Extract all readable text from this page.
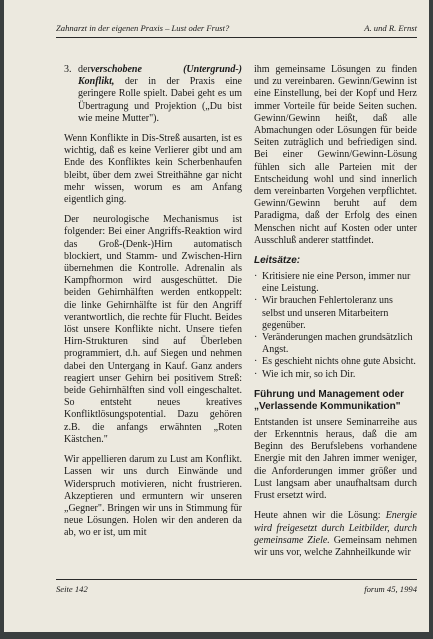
Zahnarzt in der eigenen Praxis – Lust oder Frust?	A. und R. Ernst
3. derverschobene (Untergrund-) Konflikt, der in der Praxis eine geringere Rolle spielt. Dabei geht es um Übertragung und Projektion („Du bist wie meine Mutter").

Wenn Konflikte in Dis-Streß ausarten, ist es wichtig, daß es keine Verlierer gibt und am Ende des Konfliktes kein Scherbenhaufen bleibt, über dem zwei Streithähne gar nicht mehr wissen, worum es am Anfang eigentlich ging.

Der neurologische Mechanismus ist folgender: Bei einer Angriffs-Reaktion wird das Groß-(Denk-)Hirn automatisch blockiert, und Stamm- und Zwischen-Hirn übernehmen die Kontrolle. Adrenalin als Kampfhormon wird ausgeschüttet. Die beiden Gehirnhälften werden entkoppelt: die linke Gehirnhälfte ist für den Angriff verantwortlich, die rechte für Flucht. Beides löst unsere Konflikte nicht. Unsere tiefen Hirn-Strukturen sind auf Überleben programmiert, d.h. auf Siegen und nehmen dabei den Untergang in Kauf. Ganz anders reagiert unser Gehirn bei positivem Streß: beide Gehirnhälften sind voll eingeschaltet. So entsteht neues kreatives Konfliktlösungspotential. Dazu gehören z.B. die anfangs erwähnten „Roten Kästchen."

Wir appellieren darum zu Lust am Konflikt. Lassen wir uns durch Einwände und Widerspruch motivieren, nicht frustrieren. Akzeptieren und ermuntern wir unseren „Gegner". Bringen wir uns in Stimmung für neue Lösungen. Holen wir den anderen da ab, wo er ist, um mit

ihm gemeinsame Lösungen zu finden und zu vereinbaren. Gewinn/Gewinn ist eine Einstellung, bei der Kopf und Herz immer Vorteile für beide Seiten suchen. Gewinn/Gewinn heißt, daß alle Abmachungen oder Lösungen für beide Seiten zuträglich und befriedigen sind. Bei einer Gewinn/Gewinn-Lösung fühlen sich alle Parteien mit der Entscheidung wohl und sind innerlich dem vereinbarten Vorgehen verpflichtet. Gewinn/Gewinn beruht auf dem Paradigma, daß der Erfolg des einen Menschen nicht auf Kosten oder unter Ausschluß anderer stattfindet.

Leitsätze:
· Kritisiere nie eine Person, immer nur eine Leistung.
· Wir brauchen Fehlertoleranz uns selbst und unseren Mitarbeitern gegenüber.
· Veränderungen machen grundsätzlich Angst.
· Es geschieht nichts ohne gute Absicht.
· Wie ich mir, so ich Dir.
Führung und Management oder
„Verlassende Kommunikation"

Entstanden ist unsere Seminarreihe aus der Erkenntnis heraus, daß die am Beginn des Berufslebens vorhandene Energie mit den Jahren immer weniger, die Anforderungen immer größer und Lust langsam aber unaufhaltsam durch Frust ersetzt wird.

Heute ahnen wir die Lösung: Energie wird freigesetzt durch Leitbilder, durch gemeinsame Ziele. Gemeinsam nehmen wir uns vor, welche Zahnheilkunde wir

Seite 142	forum 45, 1994
